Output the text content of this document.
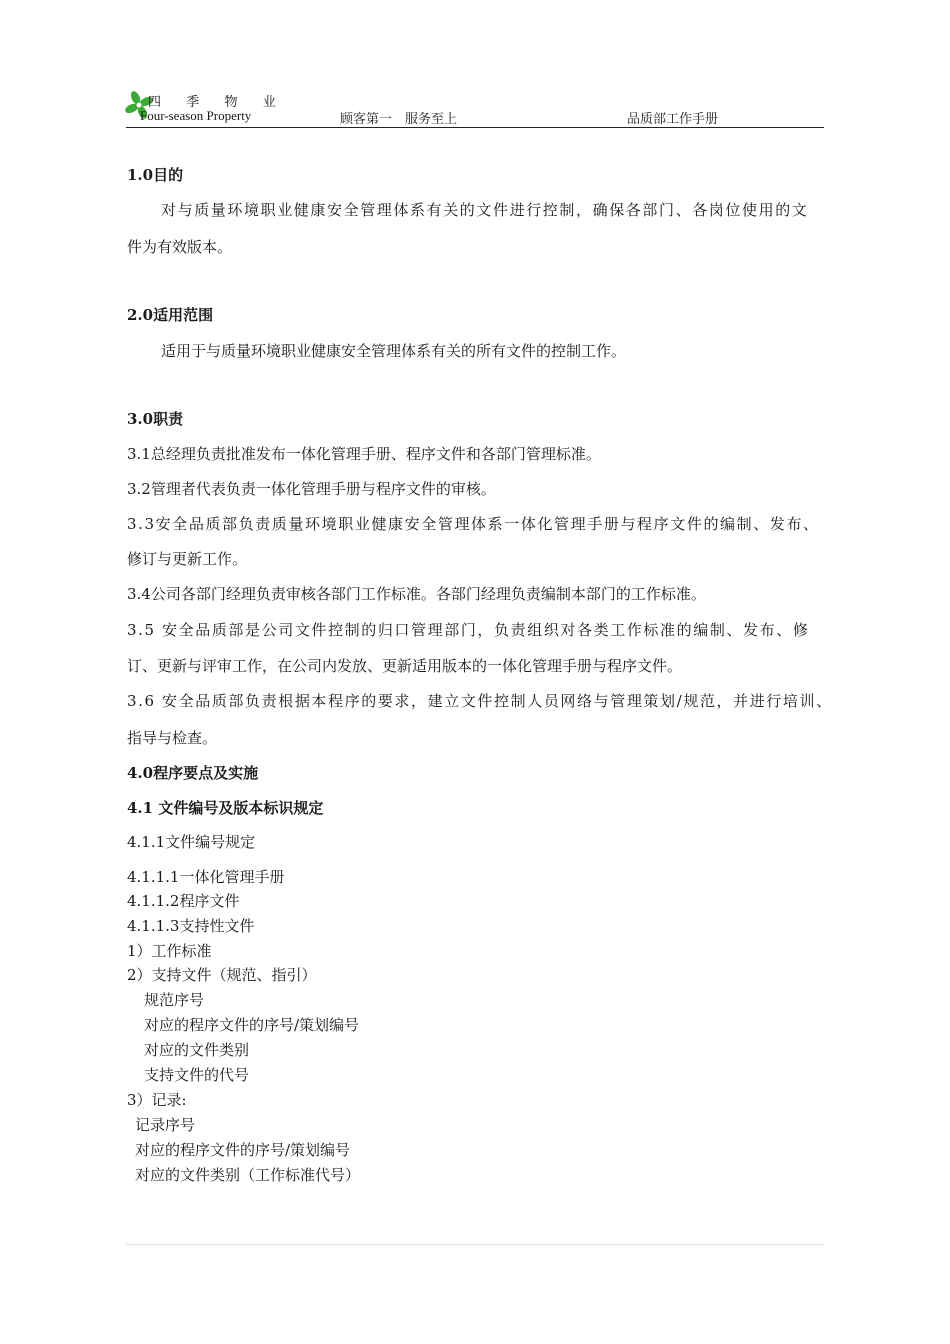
四 季 物 业
Four-season Property	顾客第一　服务至上	品质部工作手册
1.0目的
对与质量环境职业健康安全管理体系有关的文件进行控制，确保各部门、各岗位使用的文
件为有效版本。
2.0适用范围
适用于与质量环境职业健康安全管理体系有关的所有文件的控制工作。
3.0职责
3.1总经理负责批准发布一体化管理手册、程序文件和各部门管理标准。
3.2管理者代表负责一体化管理手册与程序文件的审核。
3.3安全品质部负责质量环境职业健康安全管理体系一体化管理手册与程序文件的编制、发布、
修订与更新工作。
3.4公司各部门经理负责审核各部门工作标准。各部门经理负责编制本部门的工作标准。
3.5 安全品质部是公司文件控制的归口管理部门，负责组织对各类工作标准的编制、发布、修
订、更新与评审工作，在公司内发放、更新适用版本的一体化管理手册与程序文件。
3.6 安全品质部负责根据本程序的要求，建立文件控制人员网络与管理策划/规范，并进行培训、
指导与检查。
4.0程序要点及实施
4.1 文件编号及版本标识规定
4.1.1文件编号规定
4.1.1.1一体化管理手册
4.1.1.2程序文件
4.1.1.3支持性文件
1）工作标准
2）支持文件（规范、指引）
规范序号
对应的程序文件的序号/策划编号
对应的文件类别
支持文件的代号
3）记录:
记录序号
对应的程序文件的序号/策划编号
对应的文件类别（工作标准代号）
